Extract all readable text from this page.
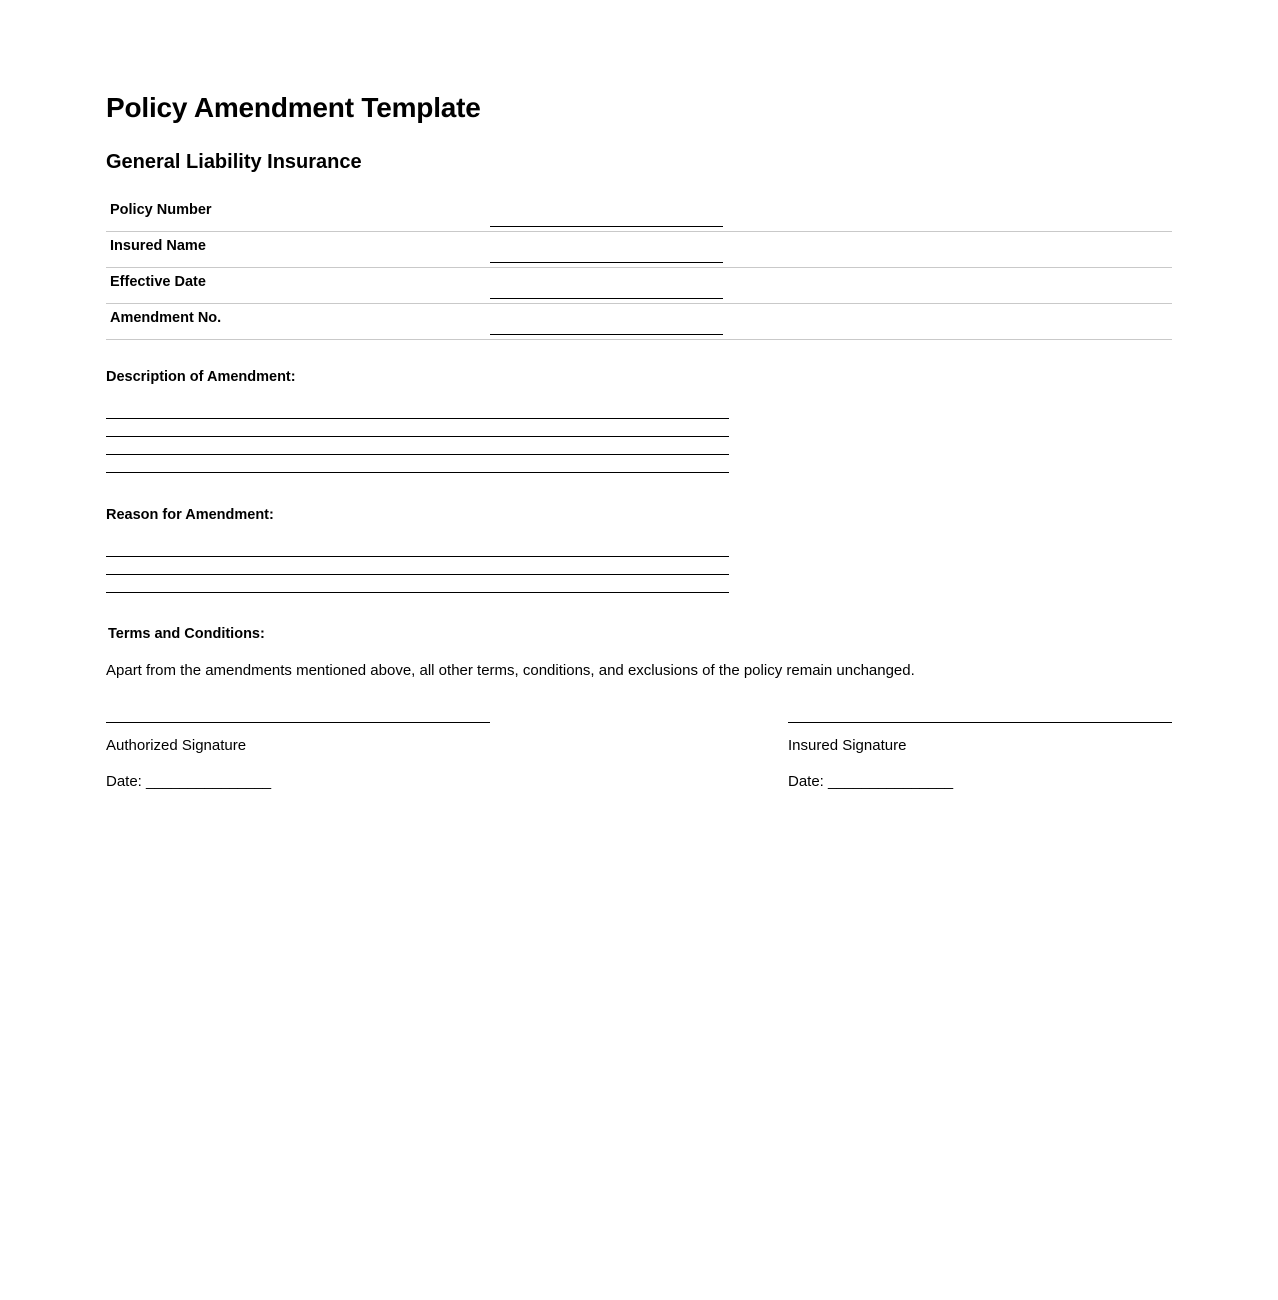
Policy Amendment Template
General Liability Insurance
Policy Number
Insured Name
Effective Date
Amendment No.
Description of Amendment:
Reason for Amendment:
Terms and Conditions:
Apart from the amendments mentioned above, all other terms, conditions, and exclusions of the policy remain unchanged.
Authorized Signature
Date: _______________
Insured Signature
Date: _______________
